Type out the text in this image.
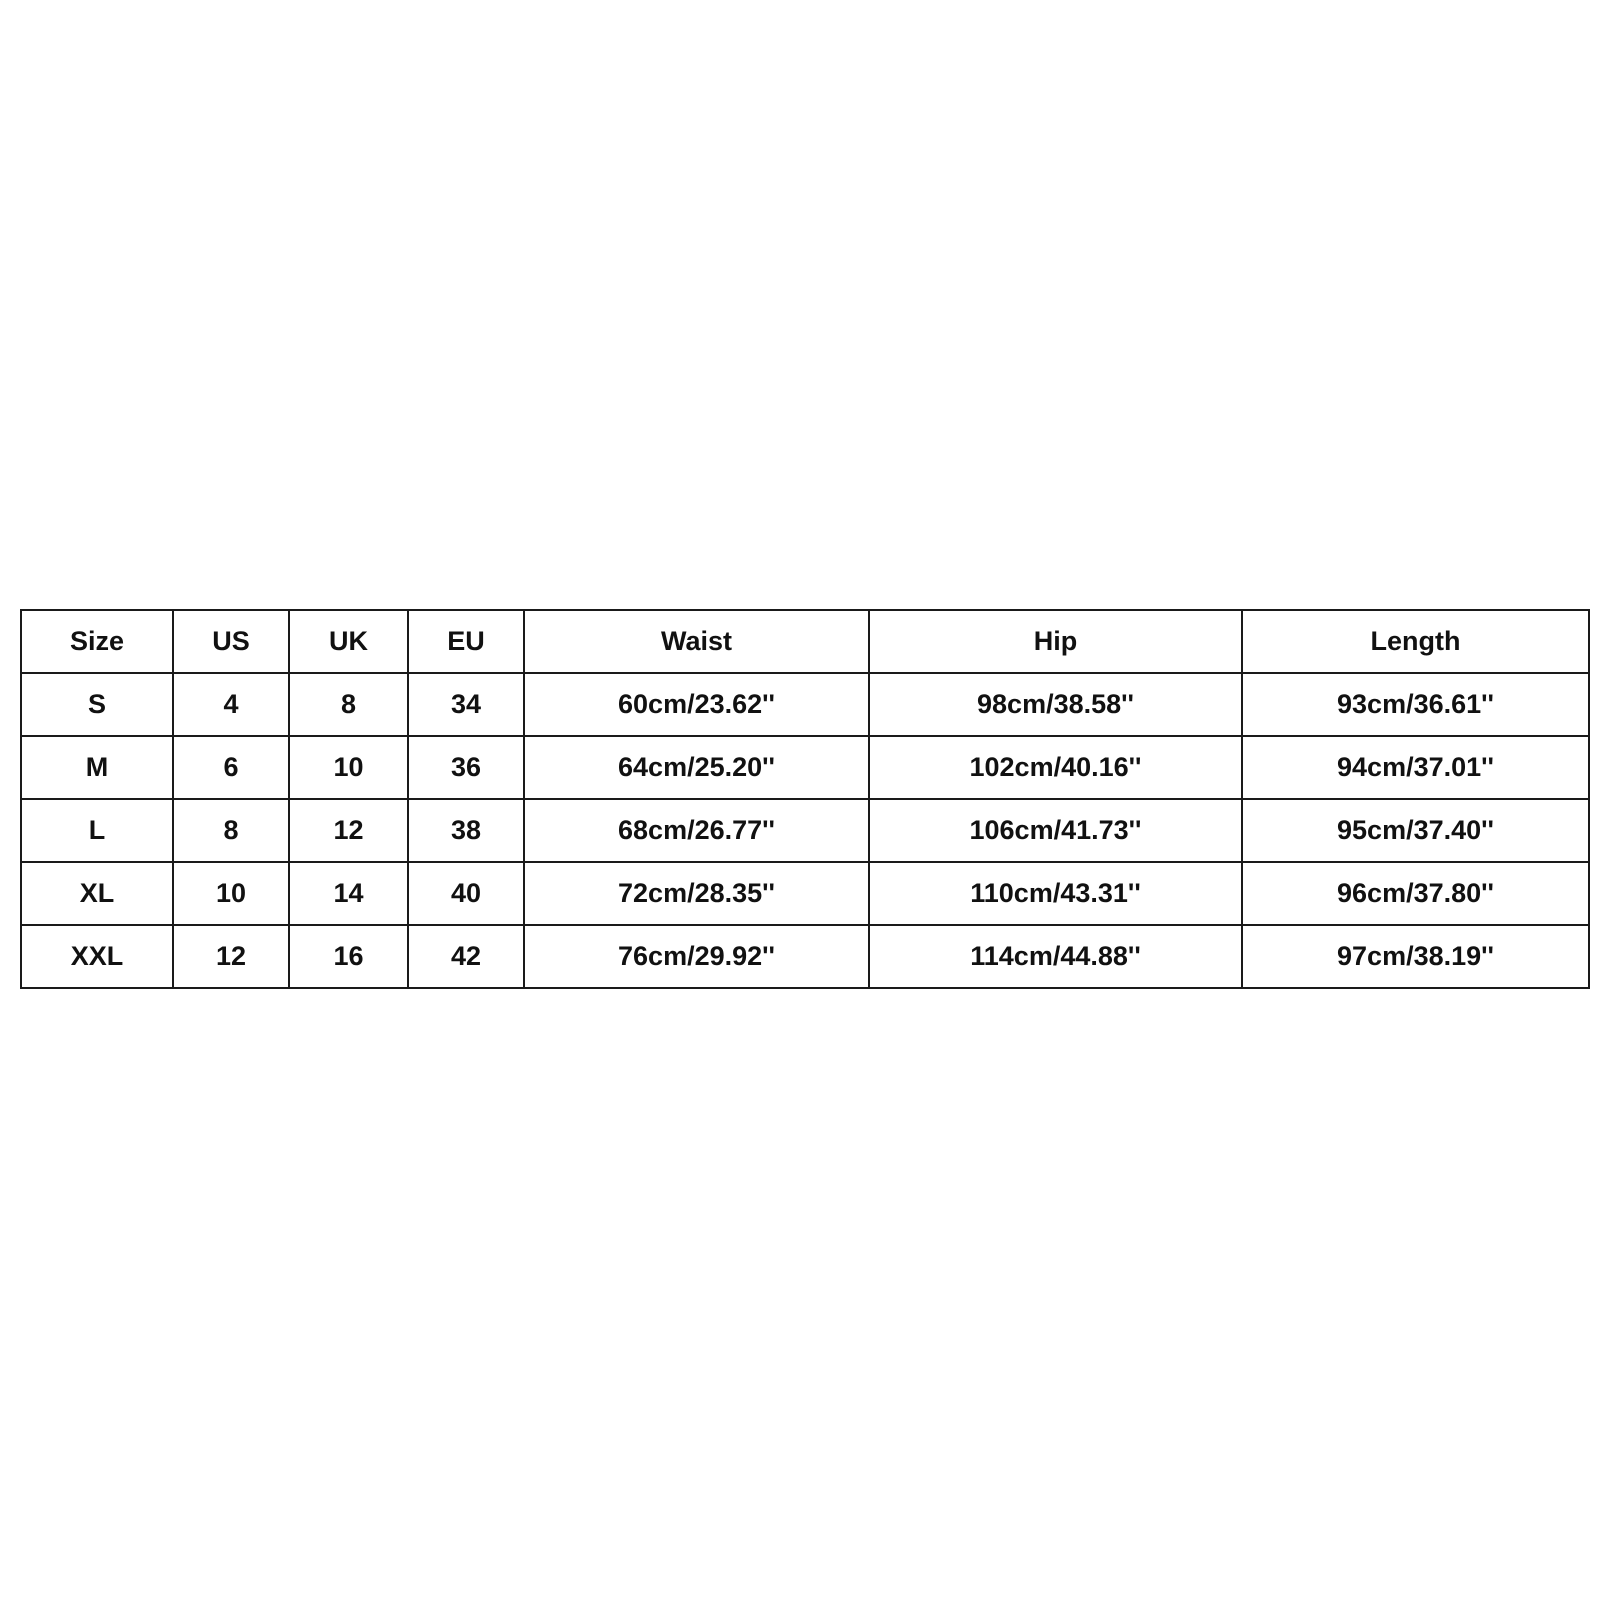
Size	US	UK	EU	Waist	Hip	Length
S	4	8	34	60cm/23.62''	98cm/38.58''	93cm/36.61''
M	6	10	36	64cm/25.20''	102cm/40.16''	94cm/37.01''
L	8	12	38	68cm/26.77''	106cm/41.73''	95cm/37.40''
XL	10	14	40	72cm/28.35''	110cm/43.31''	96cm/37.80''
XXL	12	16	42	76cm/29.92''	114cm/44.88''	97cm/38.19''
